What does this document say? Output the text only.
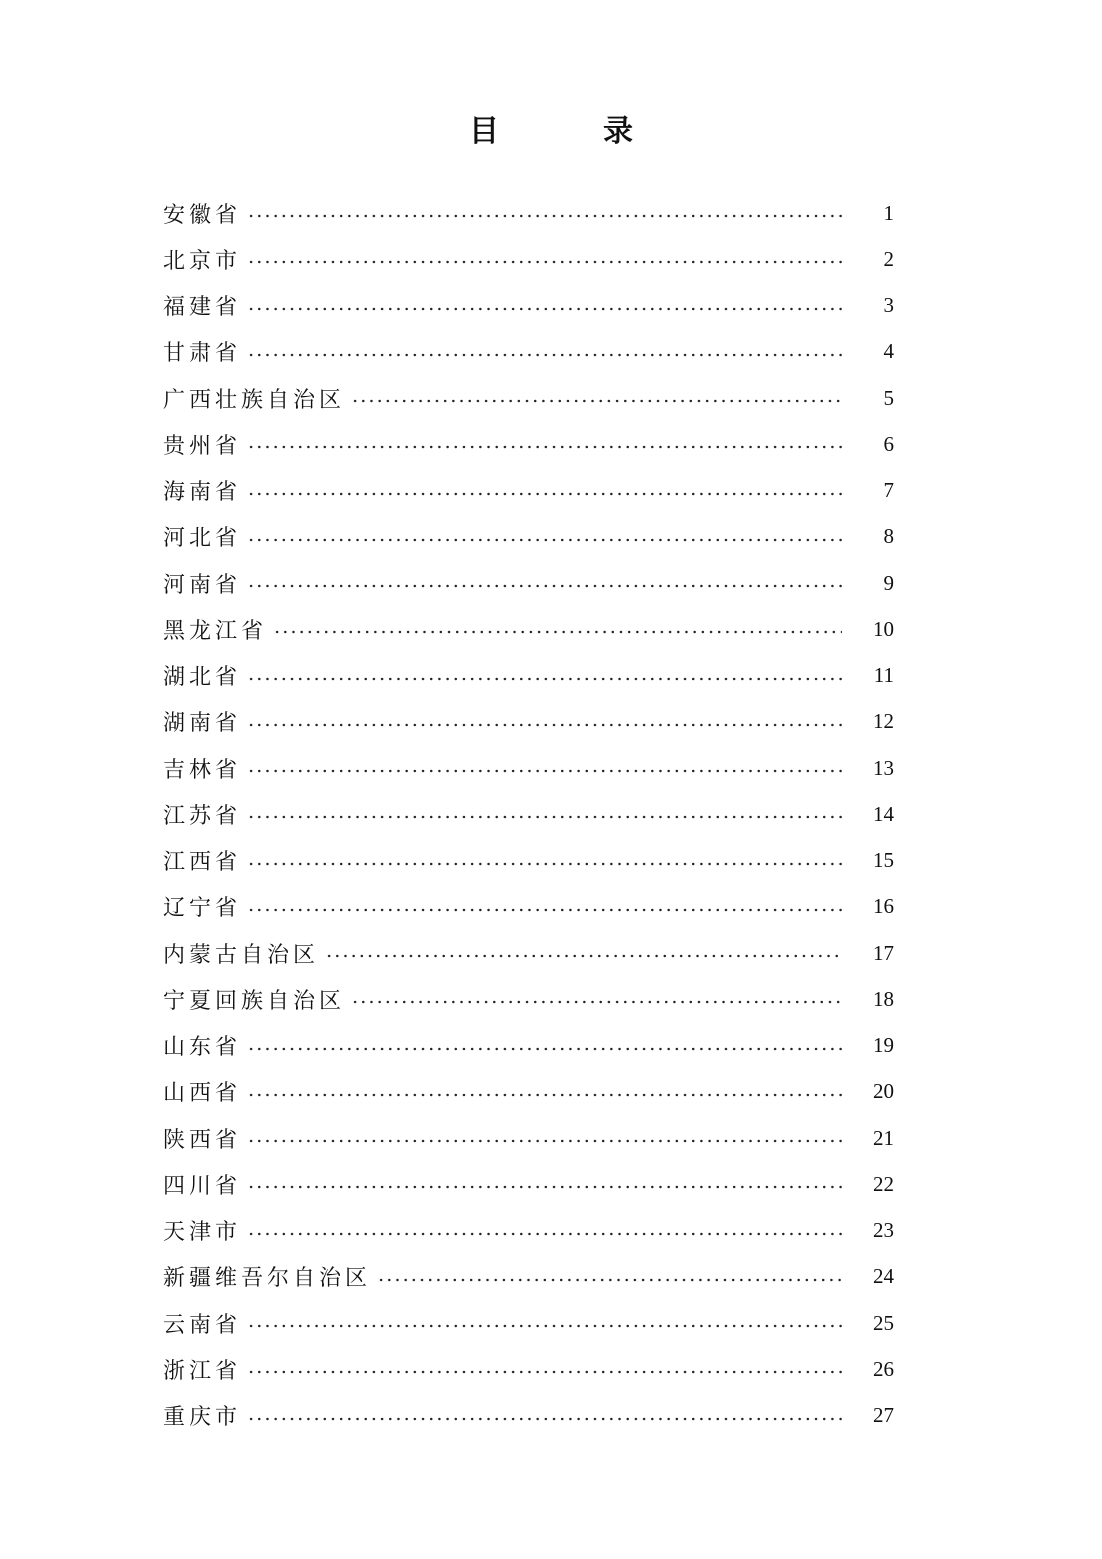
目	录
安徽省	1
北京市	2
福建省	3
甘肃省	4
广西壮族自治区	5
贵州省	6
海南省	7
河北省	8
河南省	9
黑龙江省	10
湖北省	11
湖南省	12
吉林省	13
江苏省	14
江西省	15
辽宁省	16
内蒙古自治区	17
宁夏回族自治区	18
山东省	19
山西省	20
陕西省	21
四川省	22
天津市	23
新疆维吾尔自治区	24
云南省	25
浙江省	26
重庆市	27
